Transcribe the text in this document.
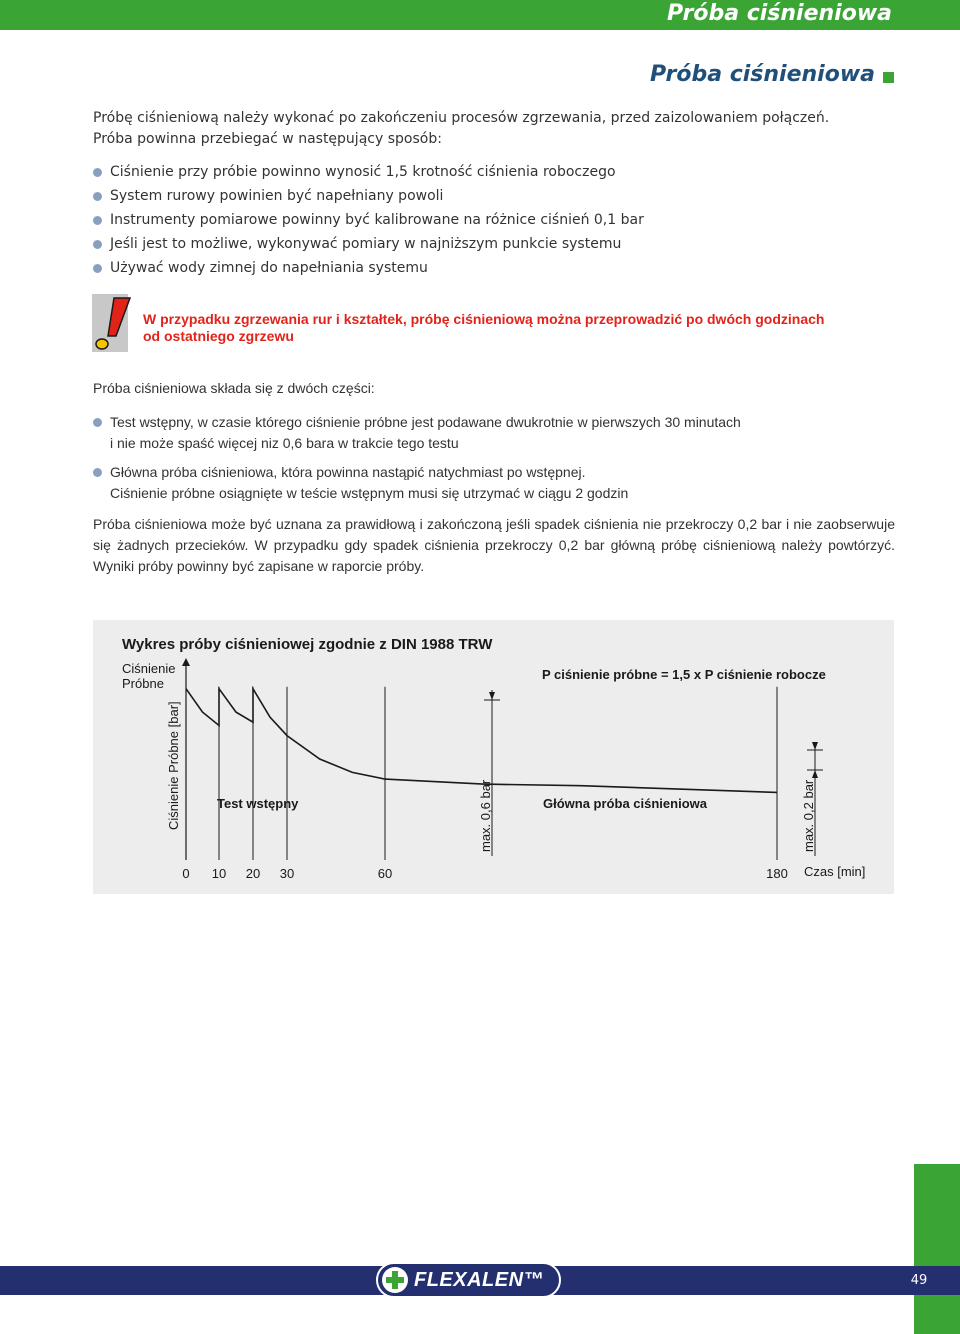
Próba ciśnieniowa
Próba ciśnieniowa
Próbę ciśnieniową należy wykonać po zakończeniu procesów zgrzewania, przed zaizolowaniem połączeń.
Próba powinna przebiegać w następujący sposób:
Ciśnienie przy próbie powinno wynosić 1,5 krotność ciśnienia roboczego
System rurowy powinien być napełniany powoli
Instrumenty pomiarowe powinny być kalibrowane na różnice ciśnień 0,1 bar
Jeśli jest to możliwe, wykonywać pomiary w najniższym punkcie systemu
Używać wody zimnej do napełniania systemu
W przypadku zgrzewania rur i kształtek, próbę ciśnieniową można przeprowadzić po dwóch godzinach
od ostatniego zgrzewu
Próba ciśnieniowa składa się z dwóch części:
Test wstępny, w czasie którego ciśnienie próbne jest podawane dwukrotnie w pierwszych 30 minutach
i nie może spaść więcej niz 0,6 bara w trakcie tego testu
Główna próba ciśnieniowa, która powinna nastąpić natychmiast po wstępnej.
Ciśnienie próbne osiągnięte w teście wstępnym musi się utrzymać w ciągu 2 godzin
Próba ciśnieniowa może być uznana za prawidłową i zakończoną jeśli spadek ciśnienia nie przekroczy 0,2 bar i nie zaobserwuje się żadnych przecieków. W przypadku gdy spadek ciśnienia przekroczy 0,2 bar główną próbę ciśnieniową należy powtórzyć. Wyniki próby powinny być zapisane w raporcie próby.
Wykres próby ciśnieniowej zgodnie z DIN 1988 TRW
Ciśnienie
Próbne
Ciśnienie Próbne [bar]
P ciśnienie próbne = 1,5 x P ciśnienie robocze
Test wstępny	Główna próba ciśnieniowa
max. 0,6 bar	max. 0,2 bar
Czas [min]
0 10 20 30	60	180
FLEXALEN™	49
